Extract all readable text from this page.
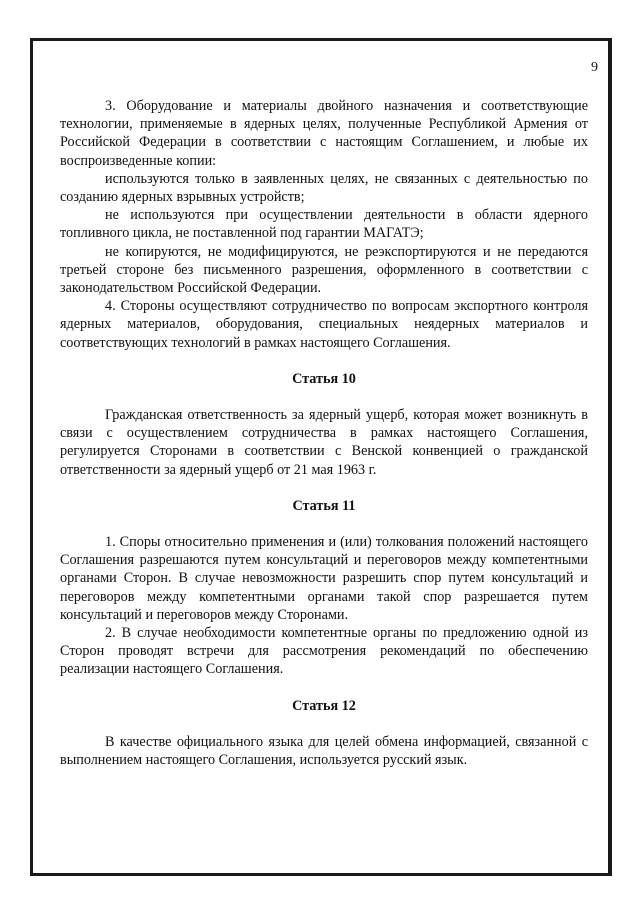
9

3. Оборудование и материалы двойного назначения и соответствующие технологии, применяемые в ядерных целях, полученные Республикой Армения от Российской Федерации в соответствии с настоящим Соглашением, и любые их воспроизведенные копии:

используются только в заявленных целях, не связанных с деятельностью по созданию ядерных взрывных устройств;

не используются при осуществлении деятельности в области ядерного топливного цикла, не поставленной под гарантии МАГАТЭ;

не копируются, не модифицируются, не реэкспортируются и не передаются третьей стороне без письменного разрешения, оформленного в соответствии с законодательством Российской Федерации.

4. Стороны осуществляют сотрудничество по вопросам экспортного контроля ядерных материалов, оборудования, специальных неядерных материалов и соответствующих технологий в рамках настоящего Соглашения.

Статья 10

Гражданская ответственность за ядерный ущерб, которая может возникнуть в связи с осуществлением сотрудничества в рамках настоящего Соглашения, регулируется Сторонами в соответствии с Венской конвенцией о гражданской ответственности за ядерный ущерб от 21 мая 1963 г.

Статья 11

1. Споры относительно применения и (или) толкования положений настоящего Соглашения разрешаются путем консультаций и переговоров между компетентными органами Сторон. В случае невозможности разрешить спор путем консультаций и переговоров между компетентными органами такой спор разрешается путем консультаций и переговоров между Сторонами.

2. В случае необходимости компетентные органы по предложению одной из Сторон проводят встречи для рассмотрения рекомендаций по обеспечению реализации настоящего Соглашения.

Статья 12

В качестве официального языка для целей обмена информацией, связанной с выполнением настоящего Соглашения, используется русский язык.
